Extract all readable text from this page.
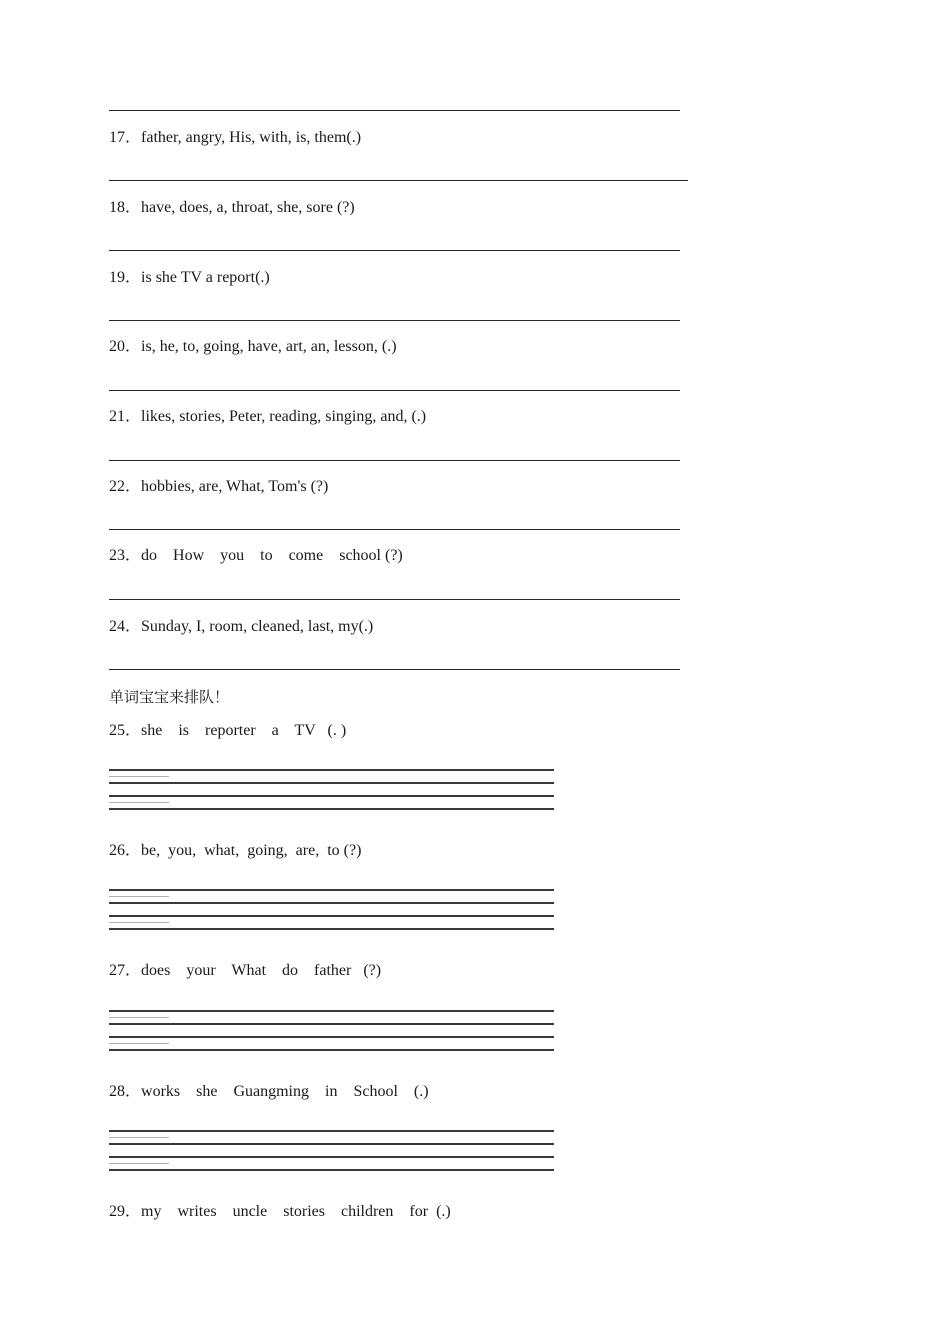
17．father, angry, His, with, is, them(.)
18．have, does, a, throat, she, sore (?)
19．is she TV a report(.)
20．is, he, to, going, have, art, an, lesson, (.)
21．likes, stories, Peter, reading, singing, and, (.)
22．hobbies, are, What, Tom's (?)
23．do    How    you    to    come    school (?)
24．Sunday, I, room, cleaned, last, my(.)
单词宝宝来排队！
25．she    is    reporter    a    TV   (. )
26．be,  you,  what,  going,  are,  to (?)
27．does    your    What    do    father   (?)
28．works    she    Guangming    in    School    (.)
29．my    writes    uncle    stories    children    for  (.)
